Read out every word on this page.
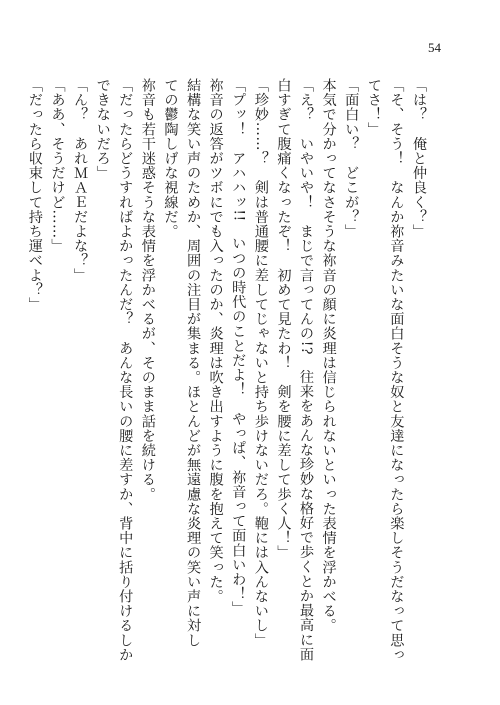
54
「は？　俺と仲良く？」
「そ、そう！　なんか祢音みたいな面白そうな奴と友達になったら楽しそうだなって思っ
てさ！」
「面白い？　どこが？」
本気で分かってなさそうな祢音の顔に炎理は信じられないといった表情を浮かべる。
「え？　いやいや！　まじで言ってんの!?　往来をあんな珍妙な格好で歩くとか最高に面
白すぎて腹痛くなったぞ！　初めて見たわ！　剣を腰に差して歩く人！」
「珍妙……？　剣は普通腰に差してじゃないと持ち歩けないだろ。鞄には入んないし」
「プッ！　アハハッ!!　いつの時代のことだよ！　やっぱ、祢音って面白いわ！」
祢音の返答がツボにでも入ったのか、炎理は吹き出すように腹を抱えて笑った。
結構な笑い声のためか、周囲の注目が集まる。ほとんどが無遠慮な炎理の笑い声に対し
ての鬱陶しげな視線だ。
祢音も若干迷惑そうな表情を浮かべるが、そのまま話を続ける。
「だったらどうすればよかったんだ？　あんな長いの腰に差すか、背中に括り付けるしか
できないだろ」
「ん？　あれＭＡＥだよな？」
「ああ、そうだけど……」
「だったら収束して持ち運べよ？」
